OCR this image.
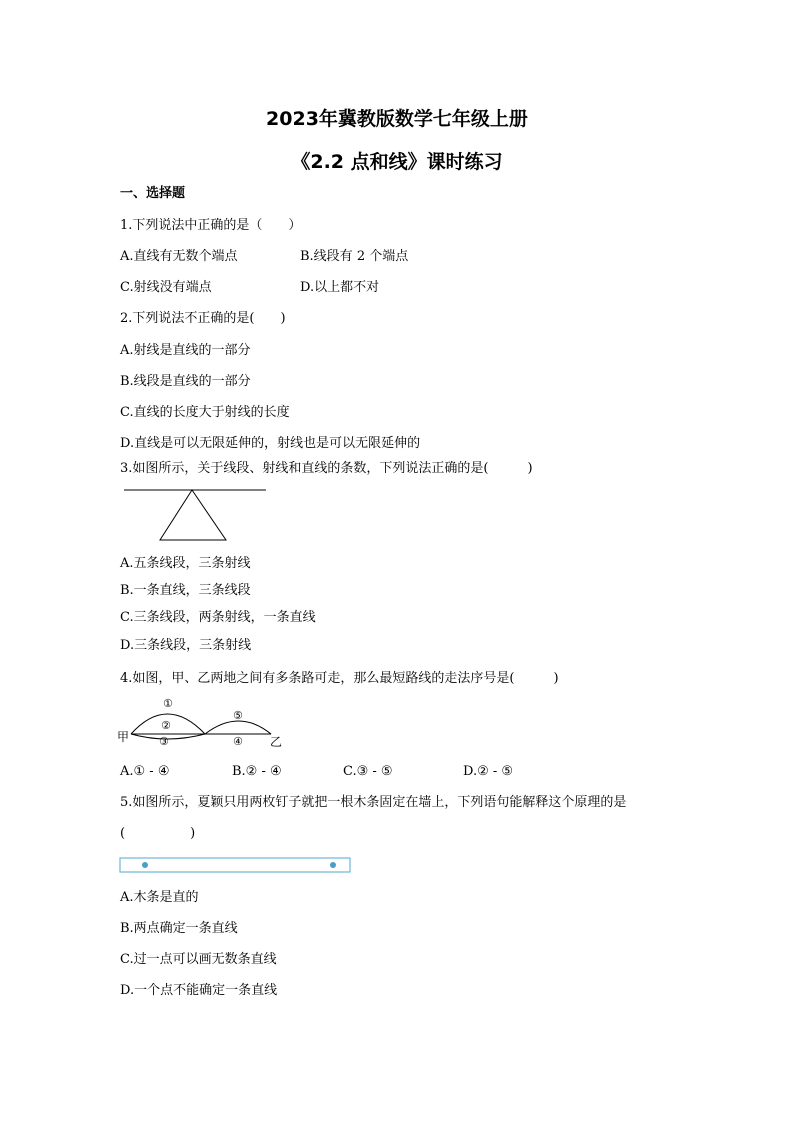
2023年冀教版数学七年级上册
《2.2 点和线》课时练习
一、选择题
1.下列说法中正确的是（　　）
A.直线有无数个端点	B.线段有 2 个端点
C.射线没有端点	D.以上都不对
2.下列说法不正确的是(　　)
A.射线是直线的一部分
B.线段是直线的一部分
C.直线的长度大于射线的长度
D.直线是可以无限延伸的，射线也是可以无限延伸的
3.如图所示，关于线段、射线和直线的条数，下列说法正确的是(　　　)
A.五条线段，三条射线
B.一条直线，三条线段
C.三条线段，两条射线，一条直线
D.三条线段，三条射线
4.如图，甲、乙两地之间有多条路可走，那么最短路线的走法序号是(　　　)
甲	乙
①
②
③
⑤
④
A.① - ④	B.② - ④	C.③ - ⑤	D.② - ⑤
5.如图所示，夏颖只用两枚钉子就把一根木条固定在墙上，下列语句能解释这个原理的是
(　　　　　)
A.木条是直的
B.两点确定一条直线
C.过一点可以画无数条直线
D.一个点不能确定一条直线
